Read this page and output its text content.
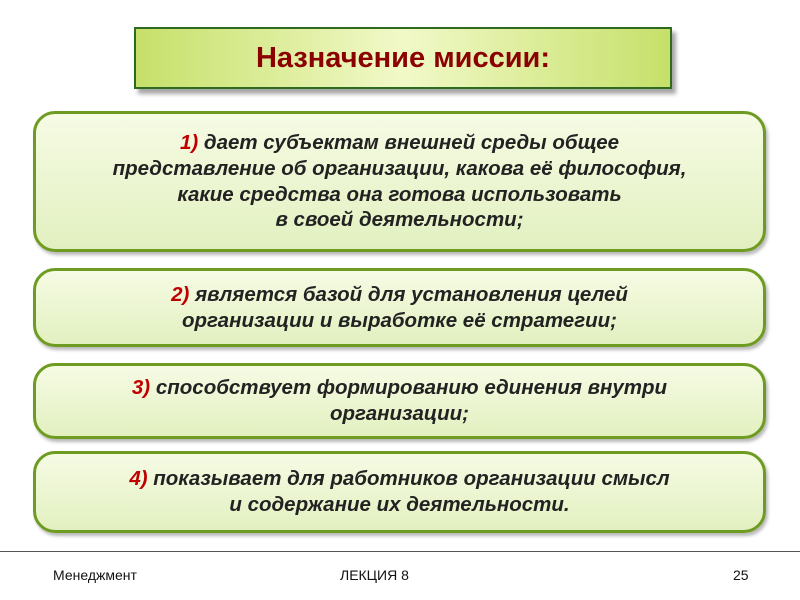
Назначение миссии:
1) дает субъектам внешней среды общее
представление об организации, какова её философия,
какие средства она готова использовать
в своей деятельности;
2) является базой для установления целей
организации и выработке её стратегии;
3) способствует формированию единения внутри
организации;
4) показывает для работников организации смысл
и содержание их деятельности.
Менеджмент	ЛЕКЦИЯ 8	25
